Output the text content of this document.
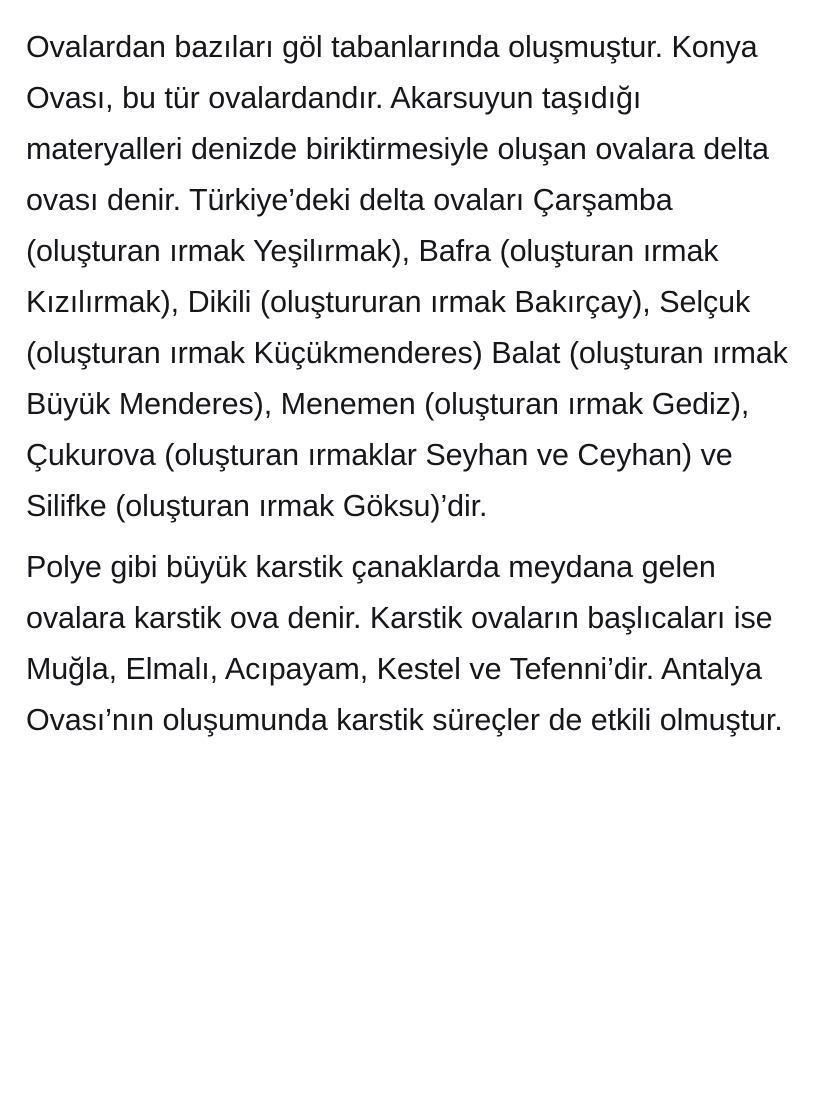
Ovalardan bazıları göl tabanlarında oluşmuştur. Konya Ovası, bu tür ovalardandır. Akarsuyun taşıdığı materyalleri denizde biriktirmesiyle oluşan ovalara delta ovası denir. Türkiye’deki delta ovaları Çarşamba (oluşturan ırmak Yeşilırmak), Bafra (oluşturan ırmak Kızılırmak), Dikili (oluştururan ırmak Bakırçay), Selçuk (oluşturan ırmak Küçükmenderes) Balat (oluşturan ırmak Büyük Menderes), Menemen (oluşturan ırmak Gediz), Çukurova (oluşturan ırmaklar Seyhan ve Ceyhan) ve Silifke (oluşturan ırmak Göksu)’dir.

Polye gibi büyük karstik çanaklarda meydana gelen ovalara karstik ova denir. Karstik ovaların başlıcaları ise Muğla, Elmalı, Acıpayam, Kestel ve Tefenni’dir. Antalya Ovası’nın oluşumunda karstik süreçler de etkili olmuştur.
